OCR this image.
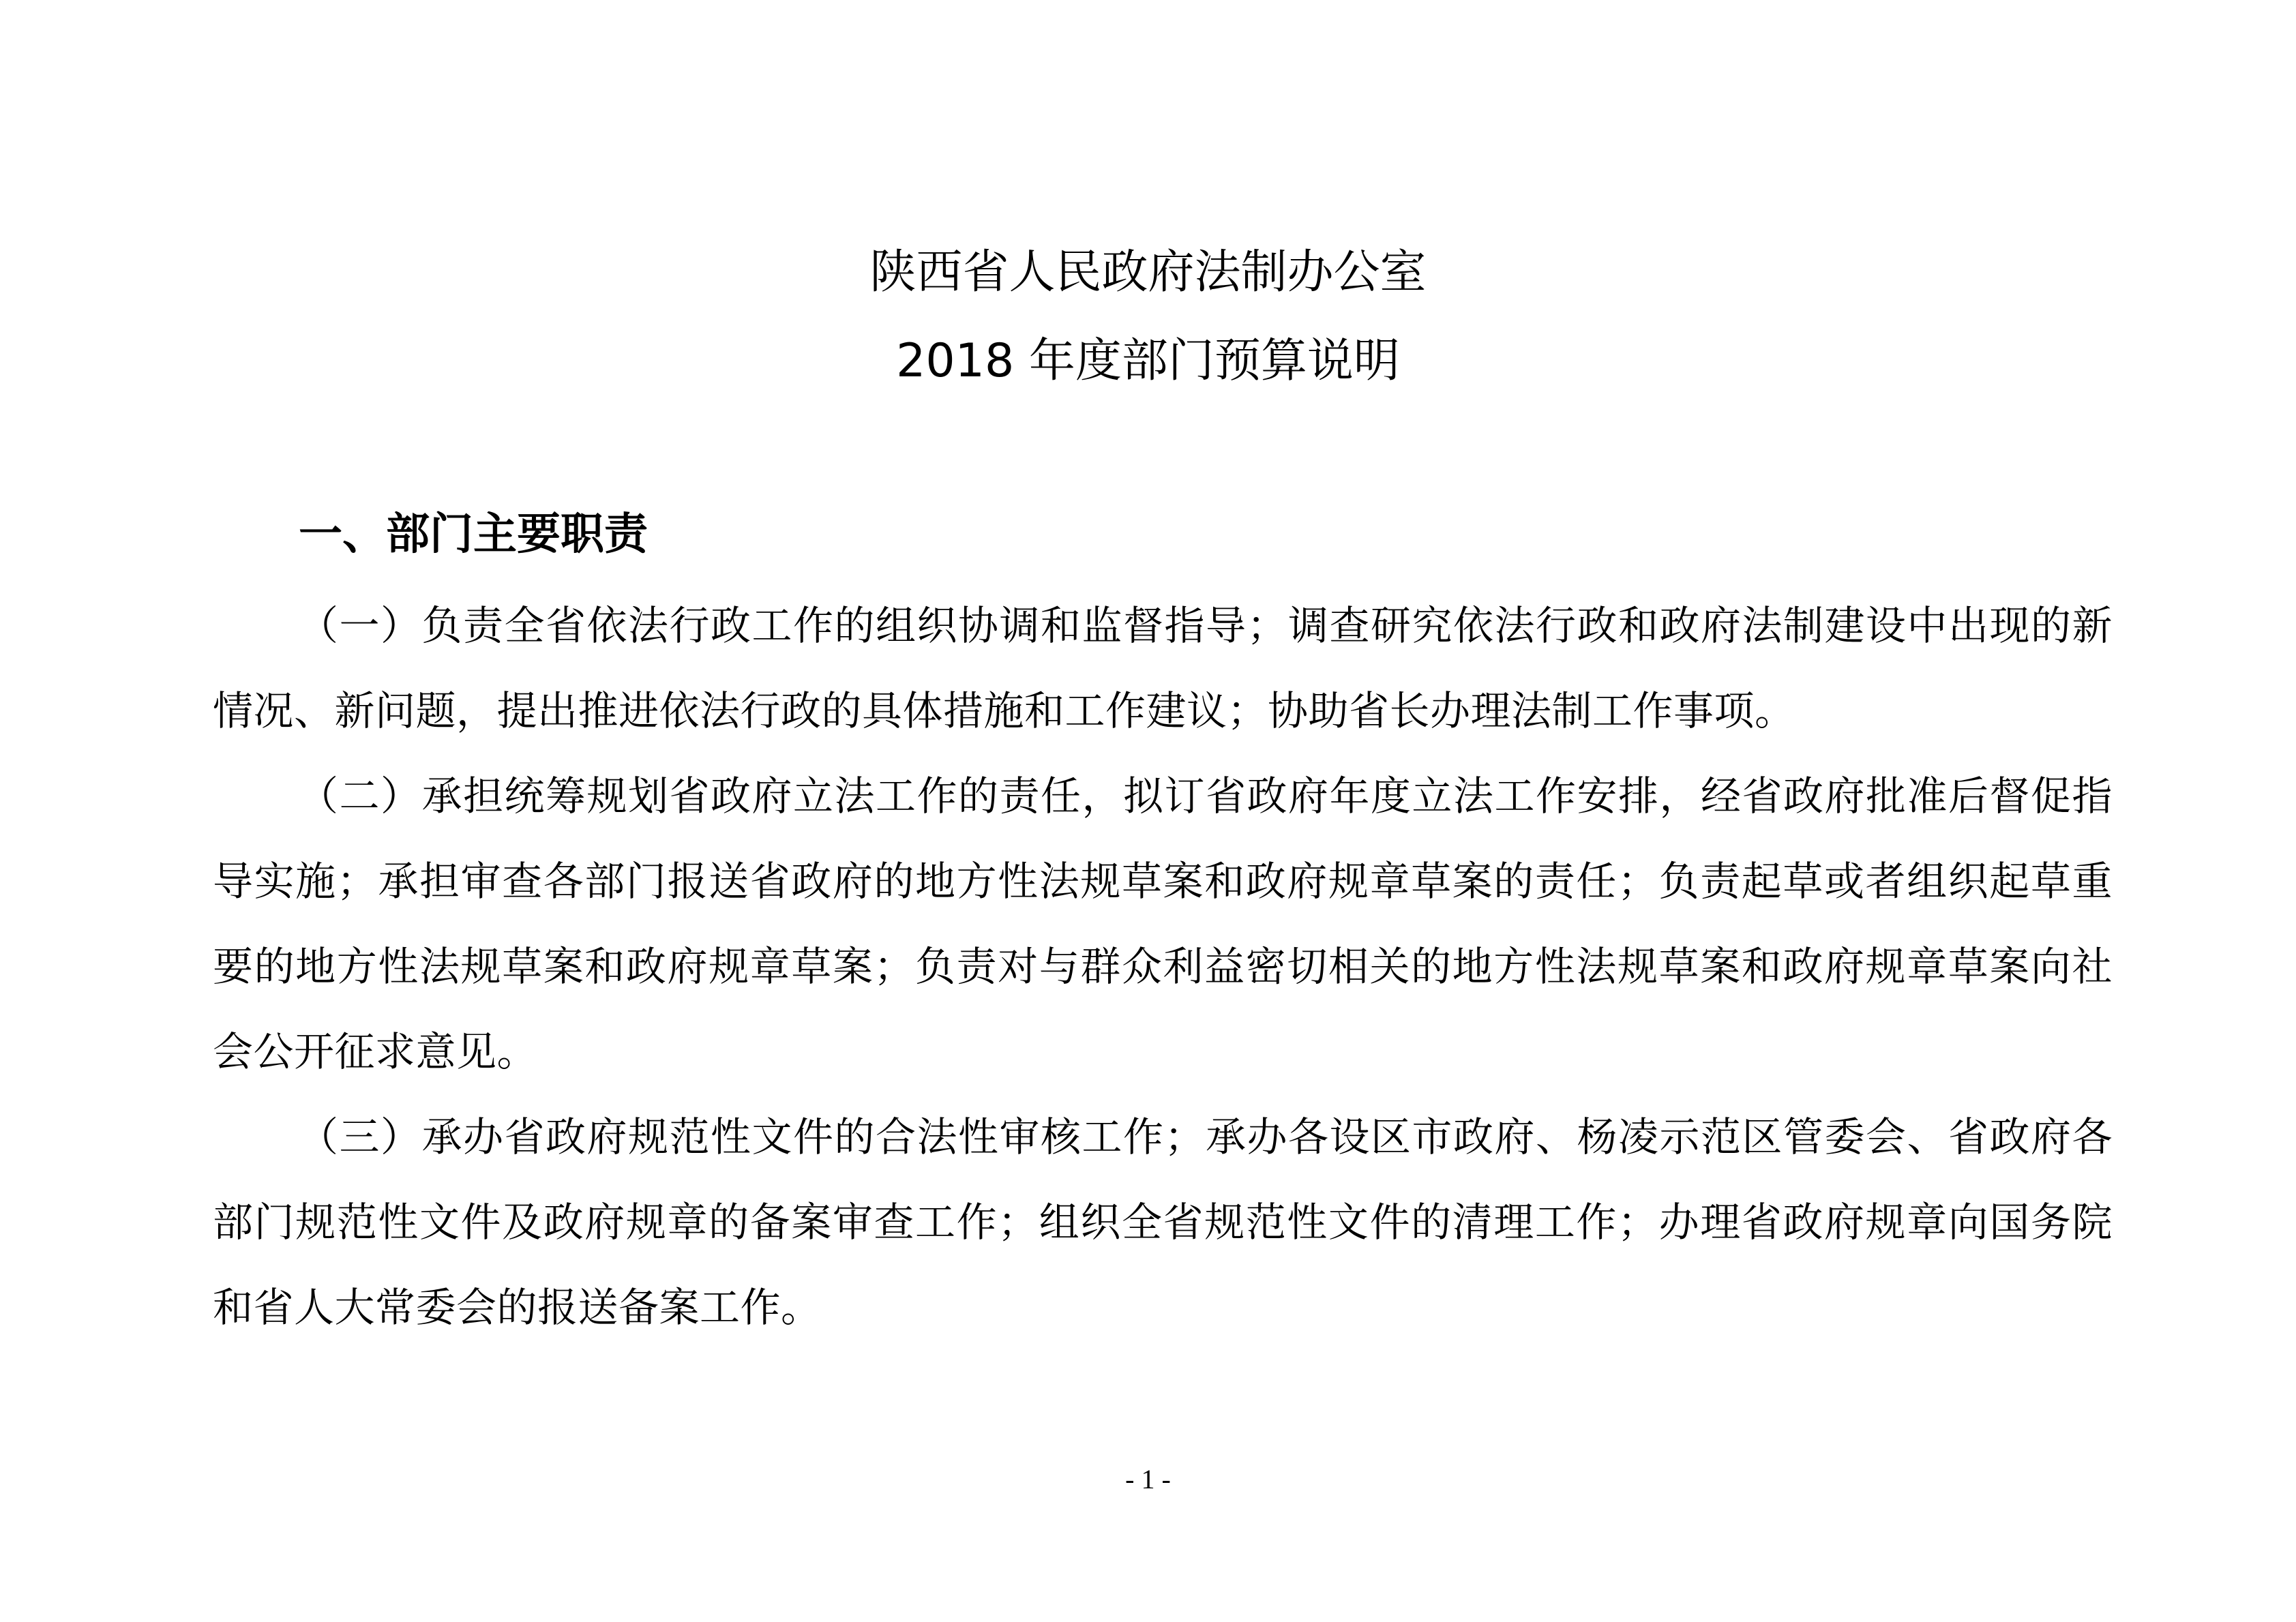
陕西省人民政府法制办公室
2018 年度部门预算说明
一、部门主要职责
（一）负责全省依法行政工作的组织协调和监督指导；调查研究依法行政和政府法制建设中出现的新情况、新问题，提出推进依法行政的具体措施和工作建议；协助省长办理法制工作事项。
（二）承担统筹规划省政府立法工作的责任，拟订省政府年度立法工作安排，经省政府批准后督促指导实施；承担审查各部门报送省政府的地方性法规草案和政府规章草案的责任；负责起草或者组织起草重要的地方性法规草案和政府规章草案；负责对与群众利益密切相关的地方性法规草案和政府规章草案向社会公开征求意见。
（三）承办省政府规范性文件的合法性审核工作；承办各设区市政府、杨凌示范区管委会、省政府各部门规范性文件及政府规章的备案审查工作；组织全省规范性文件的清理工作；办理省政府规章向国务院和省人大常委会的报送备案工作。
- 1 -
